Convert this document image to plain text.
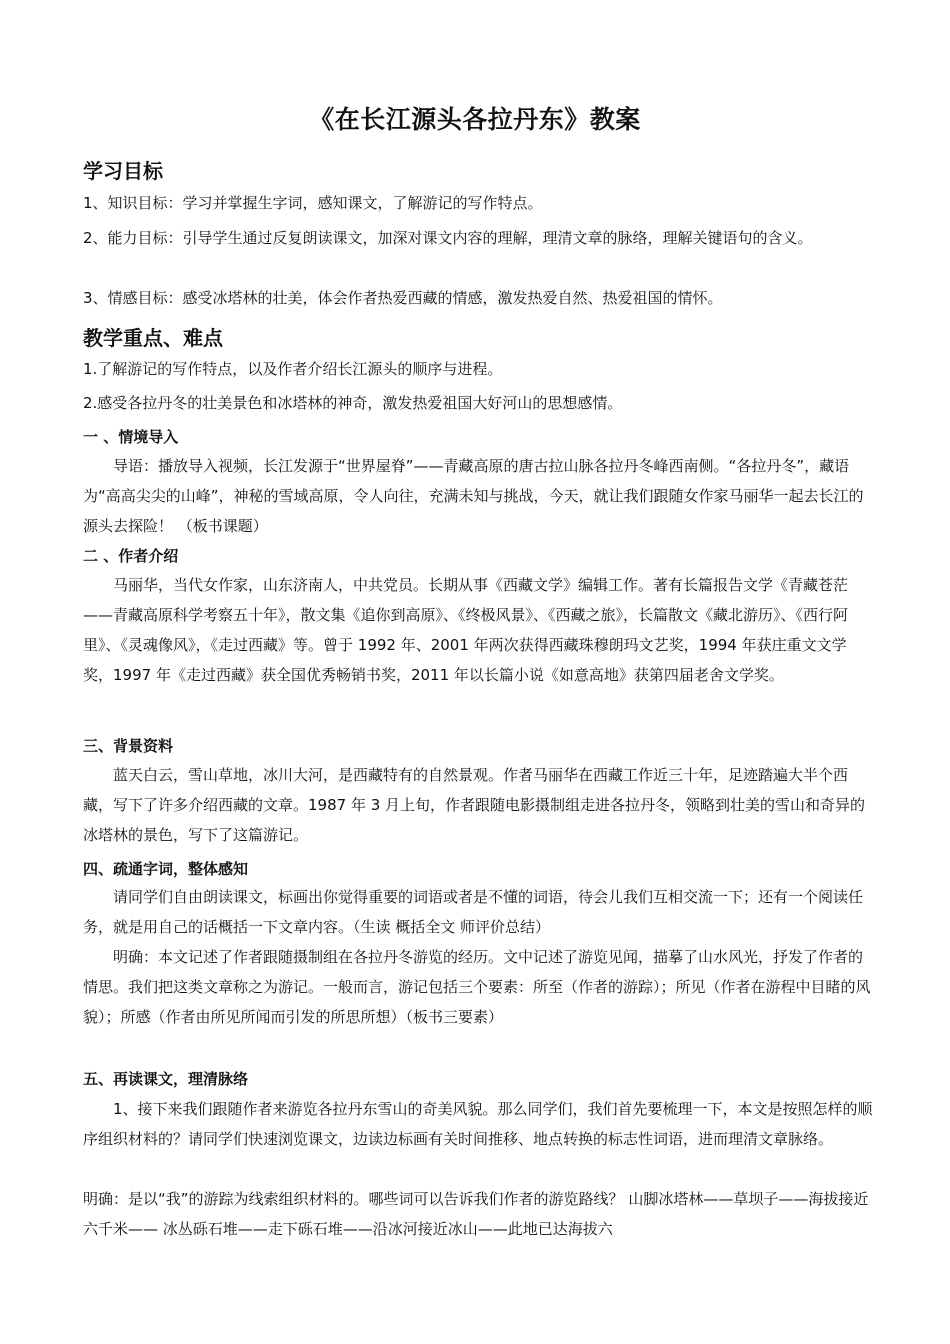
《在长江源头各拉丹东》教案
学习目标
1、知识目标：学习并掌握生字词，感知课文，了解游记的写作特点。
2、能力目标：引导学生通过反复朗读课文，加深对课文内容的理解，理清文章的脉络，理解关键语句的含义。
3、情感目标：感受冰塔林的壮美，体会作者热爱西藏的情感，激发热爱自然、热爱祖国的情怀。
教学重点、难点
1.了解游记的写作特点，以及作者介绍长江源头的顺序与进程。
2.感受各拉丹冬的壮美景色和冰塔林的神奇，激发热爱祖国大好河山的思想感情。
一 、情境导入
导语：播放导入视频，长江发源于“世界屋脊”——青藏高原的唐古拉山脉各拉丹冬峰西南侧。“各拉丹冬”，藏语为“高高尖尖的山峰”，神秘的雪域高原，令人向往，充满未知与挑战，今天，就让我们跟随女作家马丽华一起去长江的源头去探险！ （板书课题）
二 、作者介绍
马丽华，当代女作家，山东济南人，中共党员。长期从事《西藏文学》编辑工作。著有长篇报告文学《青藏苍茫——青藏高原科学考察五十年》，散文集《追你到高原》、《终极风景》、《西藏之旅》，长篇散文《藏北游历》、《西行阿里》、《灵魂像风》，《走过西藏》等。曾于 1992 年、2001 年两次获得西藏珠穆朗玛文艺奖，1994 年获庄重文文学奖，1997 年《走过西藏》获全国优秀畅销书奖，2011 年以长篇小说《如意高地》获第四届老舍文学奖。
三、背景资料
蓝天白云，雪山草地，冰川大河，是西藏特有的自然景观。作者马丽华在西藏工作近三十年，足迹踏遍大半个西藏，写下了许多介绍西藏的文章。1987 年 3 月上旬，作者跟随电影摄制组走进各拉丹冬，领略到壮美的雪山和奇异的冰塔林的景色，写下了这篇游记。
四、疏通字词，整体感知
请同学们自由朗读课文，标画出你觉得重要的词语或者是不懂的词语，待会儿我们互相交流一下；还有一个阅读任务，就是用自己的话概括一下文章内容。（生读 概括全文 师评价总结）
明确：本文记述了作者跟随摄制组在各拉丹冬游览的经历。文中记述了游览见闻，描摹了山水风光，抒发了作者的情思。我们把这类文章称之为游记。一般而言，游记包括三个要素：所至（作者的游踪）；所见（作者在游程中目睹的风貌）；所感（作者由所见所闻而引发的所思所想）（板书三要素）
五、再读课文，理清脉络
1、接下来我们跟随作者来游览各拉丹东雪山的奇美风貌。那么同学们，我们首先要梳理一下，本文是按照怎样的顺序组织材料的？请同学们快速浏览课文，边读边标画有关时间推移、地点转换的标志性词语，进而理清文章脉络。
明确：是以“我”的游踪为线索组织材料的。哪些词可以告诉我们作者的游览路线？ 山脚冰塔林——草坝子——海拔接近六千米—— 冰丛砾石堆——走下砾石堆——沿冰河接近冰山——此地已达海拔六
